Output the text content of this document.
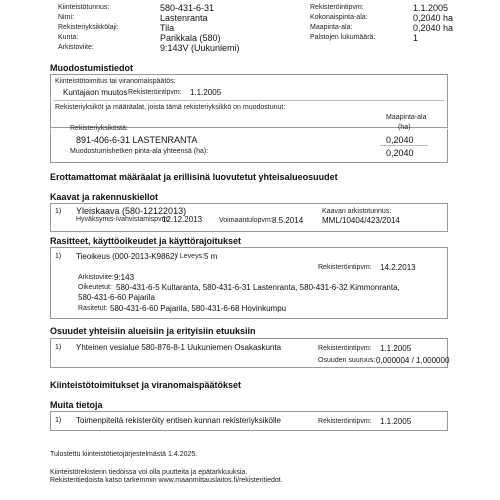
Kiinteistötunnus:	580-431-6-31
Nimi:	Lastenranta
Rekisteriyksikkölaji:	Tila
Kunta:	Parikkala (580)
Arkistoviite:	9:143V (Uukuniemi)
Rekisteröintipvm:	1.1.2005
Kokonaispinta-ala:	0,2040 ha
Maapinta-ala:	0,2040 ha
Palstojen lukumäärä:	1
Muodostumistiedot
Kiinteistötoimitus tai viranomaispäätös:
Kuntajaon muutos Rekisteröintipvm: 1.1.2005
Rekisteriyksiköt ja määräalat, joista tämä rekisteriyksikkö on muodostunut:
Maapinta-ala
(ha)
Rekisteriyksiköstä:
891-406-6-31 LASTENRANTA	0,2040
Muodostumishetken pinta-ala yhteensä (ha):	0,2040
Erottamattomat määräalat ja erillisinä luovutetut yhteisalueosuudet
Kaavat ja rakennuskiellot
1) Yleiskaava (580-12122013)
Hyväksymis-/vahvistamispvm:
12.12.2013 Voimaantulopvm: 8.5.2014
Kaavan arkistotunnus:
MML/10404/423/2014
Rasitteet, käyttöoikeudet ja käyttörajoitukset
1) Tieoikeus (000-2013-K9862)
/ Leveys: 5 m
Rekisteröintipvm: 14.2.2013
Arkistoviite: 9:143
Oikeutetut: 580-431-6-5 Kultaranta, 580-431-6-31 Lastenranta, 580-431-6-32 Kimmonranta,
580-431-6-60 Pajarila
Rasitetut: 580-431-6-60 Pajarila, 580-431-6-68 Hovinkumpu
Osuudet yhteisiin alueisiin ja erityisiin etuuksiin
1) Yhteinen vesialue 580-876-8-1 Uukuniemen Osakaskunta	Rekisteröintipvm: 1.1.2005
Osuuden suuruus: 0,000004 / 1,000000
Kiinteistötoimitukset ja viranomaispäätökset
Muita tietoja
1) Toimenpiteitä rekisteröity entisen kunnan rekisteriyksikölle	Rekisteröintipvm: 1.1.2005
Tulostettu kiinteistötietojärjestelmästä 1.4.2025.
Kiinteistörekisterin tiedoissa voi olla puutteita ja epätarkkuuksia.
Rekisteritiedoista katso tarkemmin www.maanmittauslaitos.fi/rekisteritiedot.
